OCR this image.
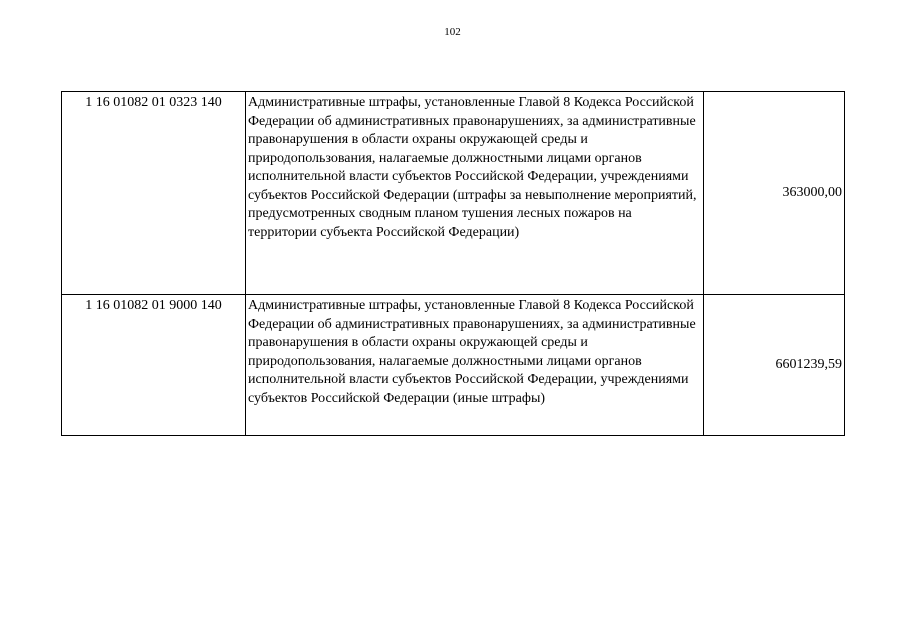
102
1 16 01082 01 0323 140	Административные штрафы, установленные Главой 8 Кодекса Российской Федерации об административных правонарушениях, за административные правонарушения в области охраны окружающей среды и природопользования, налагаемые должностными лицами органов исполнительной власти субъектов Российской Федерации, учреждениями субъектов Российской Федерации (штрафы за невыполнение мероприятий, предусмотренных сводным планом тушения лесных пожаров на территории субъекта Российской Федерации)	363000,00
1 16 01082 01 9000 140	Административные штрафы, установленные Главой 8 Кодекса Российской Федерации об административных правонарушениях, за административные правонарушения в области охраны окружающей среды и природопользования, налагаемые должностными лицами органов исполнительной власти субъектов Российской Федерации, учреждениями субъектов Российской Федерации (иные штрафы)	6601239,59
